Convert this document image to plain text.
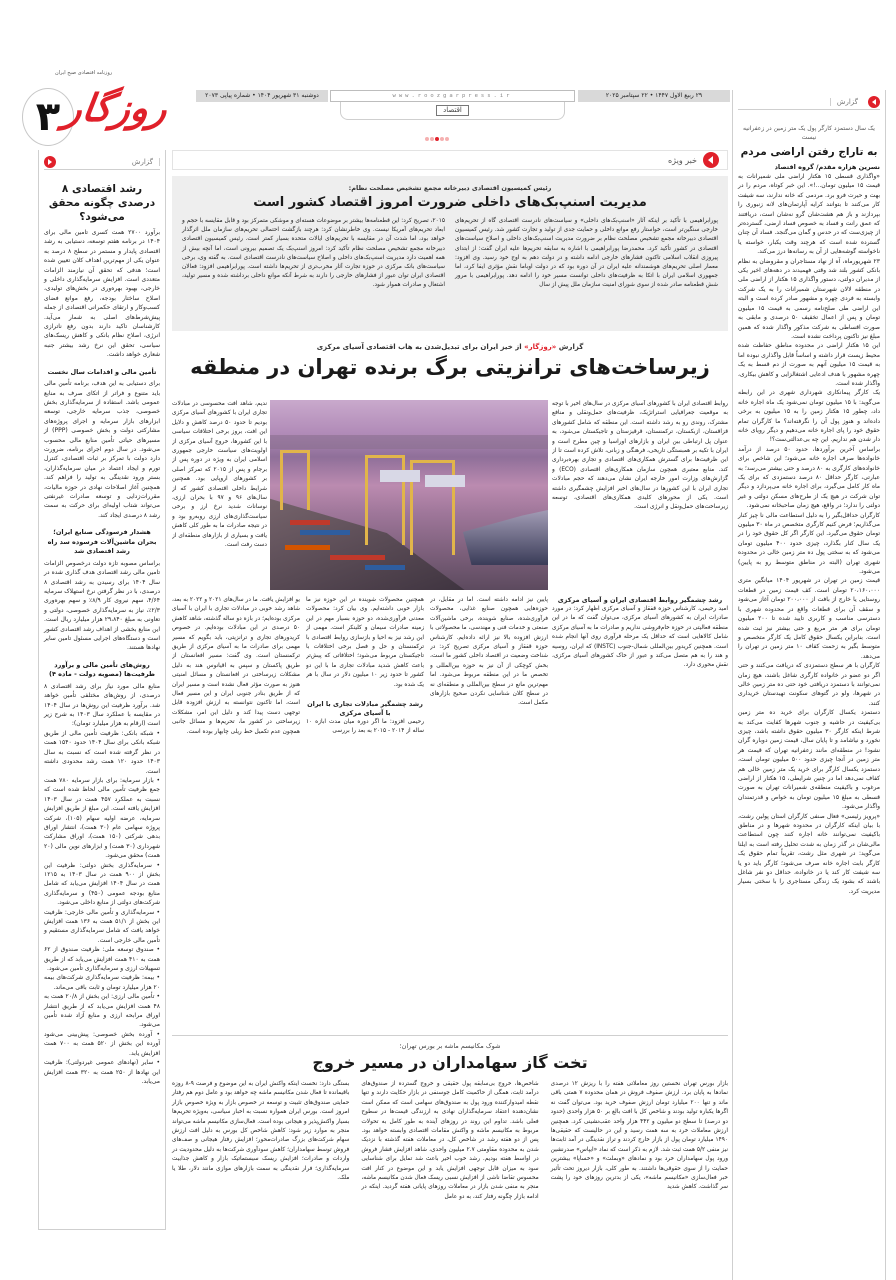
روزنامه اقتصادی صبح ایران
۳ روزگار	دوشنبه ۳۱ شهریور ۱۴۰۴ • شماره پیاپی ۲۰۷۳	www.roozgarpress.ir
اقتصاد
۲۹ ربیع الاول ۱۴۴۷ • ۲۲ سپتامبر ۲۰۲۵
گزارش
یک سال دستمزد کارگر پول یک متر زمین در زعفرانیه نیست
به تاراج رفتن اراضی مردم
نسرین هزاره مقدم/ گروه اقتصاد

«واگذاری قسطی ۱۵ هکتار اراضی ملی شمیرانات به قیمت ۱۵ میلیون تومان...!». این خبر کوتاه، مردم را در بهت و حیرت فرو برد. مردمی که خانه ندارند، سه شیفت کار می‌کنند تا بتوانند کرایه آپارتمان‌های لانه زنبوری را بپردازند و باز هم هشت‌شان گرو نه‌شان است، دریافتند که عمق رانت و فساد به خصوص فساد ارضی، گسترده‌تر از چیزی‌ست که در حدس و گمان می‌گنجد. فساد آن چنان گسترده شده است که هرچند وقت یکبار، خواسته یا ناخواسته گوشه‌هایی از آن به رسانه‌ها درز می‌کند.

۲۳ شهریورماه، آه از نهاد مستاجران و مقروضان به نظام بانکی کشور بلند شد وقتی فهمیدند در دهه‌های اخیر یکی از مدیران دولتی، دستور واگذاری ۱۵ هکتار از اراضی ملی در منطقه لالان شهرستان شمیرانات را به یک شرکت وابسته به فردی چهره و مشهور صادر کرده است و البته این اراضی طی صلح‌نامه رسمی به قیمت ۱۵ میلیون تومان و پس از اعمال تخفیف ۵۰ درصدی و مابقی به صورت اقساطی به شرکت مذکور واگذار شده که همین مبلغ نیز تاکنون پرداخت نشده است.

این ۱۵ هکتار اراضی در محدوده مناطق حفاظت شده محیط زیست قرار داشته و اساساً قابل واگذاری نبوده اما به قیمت ۱۵ میلیون آنهم به صورت از دم قسط به یک چهره مشهور با هدف ادعایی اشتغالزایی و کاهش بیکاری، واگذار شده است.

یک کارگر پیمانکاری شهرداری شهری در این رابطه می‌گوید: با ۱۵ میلیون تومان نمی‌شود یک ماه اجاره خانه داد، چطور ۱۵ هکتار زمین را به ۱۵ میلیون به برخی داده‌اند و هنوز پول آن را نگرفته‌اند؟ ما کارگران تمام حقوق خود را پای اجاره خانه می‌دهیم و دیگر رویای خانه دار شدن هم نداریم. این چه بی‌عدالتی‌ست؟!

براساس آخرین برآوردها، حدود ۵۰ درصد از درآمد خانواده‌ها صرف اجاره خانه می‌شود؛ این شاخص برای خانواده‌های کارگری به ۸۰ درصد و حتی بیشتر می‌رسد؛ به عبارتی، کارگر حداقل ۸۰ درصد دستمزدی که برای یک ماه کار کامل می‌گیرد، برای اجاره خانه می‌پردازد و دیگر توان شرکت در هیچ یک از طرح‌های مسکن دولتی و غیر دولتی را ندارد؛ در واقع، هیچ زمان صاحبخانه نمی‌شود.

کارگران حداقل‌بگیر را به دلیل استطاعت مالی نا چیز کنار می‌گذاریم؛ فرض کنیم کارگری متخصص در ماه ۳۰ میلیون تومان حقوق می‌گیرد. این کارگر اگر کل حقوق خود را در یک سال کنار بگذارد، چیزی حدود ۴۰۰ میلیون تومان می‌شود که به سختی پول ده متر زمین خالی در محدوده شهری تهران (البته در مناطق متوسط رو به پایین) می‌شود.

قیمت زمین در تهران در شهریور ۱۴۰۴ میانگین متری ۲۰،۱۶۰،۰۰۰ تومان است. کف قیمت زمین در قطعات روستایی یا خارج از بافت از ۲۰۰،۰۰۰ تومان آغاز می‌شود و سقف آن برای قطعات واقع در محدوده شهری با دسترسی مناسب و کاربری تایید شده تا ۲۰۰ میلیون تومان برای هر متر مربع و حتی بیشتر نیز ثبت شده است. بنابراین یکسال حقوق کامل یک کارگر متخصص و متوسط بگیر به زحمت کفاف ۱۰ متر زمین در تهران را می‌دهد.

کارگران با هر سطح دستمزدی که دریافت می‌کنند و حتی اگر دو عضو در خانواده کارگری شاغل باشند، هیچ زمان نمی‌توانند با دستمزد دریافتی خود حتی ده متر زمین خالی در شهرها، ولو در گتوهای سکونت تهیدستان خریداری کنند.

دستمزد یکسال کارگران برای خرید ده متر زمین بی‌کیفیت در حاشیه و جنوب شهرها کفایت می‌کند به شرط اینکه کارگر ۳۰ میلیون حقوق داشته باشد، چیزی نخورد و نیاشامد و تا پایان سال، قیمت زمین دوباره گران نشود! در منطقه‌ای مانند زعفرانیه تهران که قیمت هر متر زمین در آنجا چیزی حدود ۵۰۰ میلیون تومان است، دستمزد یکسال کارگر برای خرید یک متر زمین خالی هم کفاف نمی‌دهد اما در چنین شرایطی، ۱۵ هکتار از اراضی مرغوب و باکیفیت منطقه‌ی شمیرانات تهران به صورت قسطی به مبلغ ۱۵ میلیون تومان به خواص و قدرتمندان واگذار می‌شود.

«پرویز رئیسی» فعال صنفی کارگران استان پولین رشت، با بیان اینکه کارگران در محدوده شهرها و در مناطق باکیفیت نمی‌توانند خانه اجاره کنند چون استطاعت مالی‌شان در گذر زمان به شدت تحلیل رفته است به ایلنا می‌گوید: در شهری مثل رشت، تقریباً تمام حقوق یک کارگر بابت اجاره خانه صرف می‌شود؛ کارگر باید دو یا سه شیفت کار کند یا در خانواده، حداقل دو نفر شاغل باشند که بشود یک زندگی مستاجری را با سختی بسیار مدیریت کرد.

گزارش
رشد اقتصادی ۸ درصدی چگونه محقق می‌شود؟
برآورد ۲۷۰۰ همت کسری تامین مالی برای ۱۴۰۴ در برنامه هفتم توسعه، دستیابی به رشد اقتصادی پایدار و مستمر در سطح ۸ درصد به عنوان یکی از مهم‌ترین اهداف کلان تعیین شده است؛ هدفی که تحقق آن نیازمند الزامات متعددی است. افزایش سرمایه‌گذاری داخلی و خارجی، بهبود بهره‌وری در بخش‌های تولیدی، اصلاح ساختار بودجه، رفع موانع فضای کسب‌وکار و ارتقای حکمرانی اقتصادی از جمله پیش‌شرط‌های اصلی به شمار می‌آید. کارشناسان تاکید دارند بدون رفع ناترازی انرژی، اصلاح نظام بانکی و کاهش ریسک‌های سیاسی، تحقق این نرخ رشد بیشتر جنبه شعاری خواهد داشت.
تأمین مالی و اقدامات سال نخست
برای دستیابی به این هدف، برنامه تأمین مالی باید متنوع و فراتر از اتکای صرف به منابع عمومی باشد. استفاده از سرمایه‌گذاری بخش خصوصی، جذب سرمایه خارجی، توسعه ابزارهای بازار سرمایه و اجرای پروژه‌های مشارکتی دولت و بخش خصوصی (PPP) از مسیرهای حیاتی تأمین منابع مالی محسوب می‌شود. در سال دوم اجرای برنامه، ضرورت دارد دولت با تمرکز بر ثبات اقتصادی، کنترل تورم و ایجاد اعتماد در میان سرمایه‌گذاران، بستر ورود نقدینگی به تولید را فراهم کند. همچنین آغاز اصلاحات نهادی در حوزه مالیات، مقررات‌زدایی و توسعه صادرات غیرنفتی می‌تواند شتاب اولیه‌ای برای حرکت به سمت رشد ۸ درصدی ایجاد کند.
هشدار فرسودگی صنایع ایران؛ بحران ماشین‌آلات فرسوده سد راه رشد اقتصادی شد
براساس مصوبه تازه دولت درخصوص الزامات تامین مالی رشد اقتصادی هدف گذاری شده در سال ۱۴۰۴ برای رسیدن به رشد اقتصادی ۸ درصدی، با در نظر گرفتن نرخ استهلاک سرمایه ۴/۶۴، سهم نیروی کار ۸/۹٪ و سهم بهره‌وری ۲/۳٪، نیاز به سرمایه‌گذاری خصوصی، دولتی و تعاونی به مبلغ ۲۹،۸۴۰ هزار میلیارد ریال است. این منابع بخشی از اهداف رشد اقتصادی کشور است و دستگاه‌های اجرایی مسئول تامین سایر نهادها هستند.
روش‌های تأمین مالی و برآورد ظرفیت‌ها (مصوبه دولت - ماده ۴)
منابع مالی مورد نیاز برای رشد اقتصادی ۸ درصدی، از روش‌های مختلفی تأمین خواهد شد. برآورد ظرفیت این روش‌ها در سال ۱۴۰۴ در مقایسه با عملکرد سال ۱۴۰۳ به شرح زیر است (ارقام به هزار میلیارد تومان):

• شبکه بانکی: ظرفیت تأمین مالی از طریق شبکه بانکی برای سال ۱۴۰۴ حدود ۱۵۴۰ همت در نظر گرفته شده است که نسبت به سال ۱۴۰۳ حدود ۱۲۰ همت رشد محدودی داشته است.

• بازار سرمایه: برای بازار سرمایه ۷۸۰ همت جمع ظرفیت تأمین مالی لحاظ شده است که نسبت به عملکرد ۴۵۷ همت در سال ۱۴۰۳ افزایش یافته است. این مبلغ از طریق افزایش سرمایه، عرضه اولیه سهام (۱۰۵)، شرکت پروژه سهامی عام (۳۰ همت)، انتشار اوراق بدهی شرکتی (۱۵۰ همت)، اوراق مشارکت شهرداری (۳۰ همت) و ابزارهای نوین مالی (۲۰ همت) محقق می‌شود.

• سرمایه‌گذاری بخش دولتی: ظرفیت این بخش از ۹۰۰ همت در سال ۱۴۰۳ به ۱۲۱۵ همت در سال ۱۴۰۴ افزایش می‌یابد که شامل منابع بودجه عمومی (۴۵۰) و سرمایه‌گذاری شرکت‌های دولتی از منابع داخلی می‌شود.

• سرمایه‌گذاری و تأمین مالی خارجی: ظرفیت این بخش از ۵۱/۱ همت به ۱۳۶ همت افزایش خواهد یافت که شامل سرمایه‌گذاری مستقیم و تأمین مالی خارجی است.

• صندوق توسعه ملی: ظرفیت صندوق از ۶۲ همت به ۴۱۰ همت افزایش می‌یابد که از طریق تسهیلات ارزی و سرمایه‌گذاری تأمین می‌شود.

• بیمه: ظرفیت سرمایه‌گذاری شرکت‌های بیمه ۲۰ هزار میلیارد تومان و ثابت باقی می‌ماند.

• تأمین مالی ارزی: این بخش از ۲۰/۸ همت به ۴۸ همت افزایش می‌یابد که از طریق انتشار اوراق مرابحه ارزی و منابع آزاد شده تأمین می‌شود.

• آورده بخش خصوصی: پیش‌بینی می‌شود آورده این بخش از ۵۲۰ همت به ۷۰۰ همت افزایش یابد.

• سایر (نهادهای عمومی غیردولتی): ظرفیت این نهادها از ۲۵۰ همت به ۳۲۰ همت افزایش می‌یابد.

خبر ویژه
رئیس کمیسیون اقتصادی دبیرخانه مجمع تشخیص مصلحت نظام:
مدیریت اسنپ‌بک‌های داخلی ضرورت امروز اقتصاد کشور است
پورابراهیمی با تأکید بر اینکه آثار «اسنپ‌بک‌های داخلی» و سیاست‌های نادرست اقتصادی گاه از تحریم‌های خارجی سنگین‌تر است، خواستار رفع موانع داخلی و حمایت جدی از تولید و تجارت کشور شد. رئیس کمیسیون اقتصادی دبیرخانه مجمع تشخیص مصلحت نظام بر ضرورت مدیریت اسنپ‌بک‌های داخلی و اصلاح سیاست‌های اقتصادی در کشور تأکید کرد. محمدرضا پورابراهیمی با اشاره به سابقه تحریم‌ها علیه ایران گفت: از ابتدای پیروزی انقلاب اسلامی تاکنون فشارهای خارجی ادامه داشته و در دولت دهم به اوج خود رسید. وی افزود: معمار اصلی تحریم‌های هوشمندانه علیه ایران در آن دوره بود که در دولت اوباما نقش مؤثری ایفا کرد، اما جمهوری اسلامی ایران با اتکا به ظرفیت‌های داخلی توانست مسیر خود را ادامه دهد. پورابراهیمی با مرور شش قطعنامه صادر شده از سوی شورای امنیت سازمان ملل پیش از سال
۲۰۱۵، تصریح کرد: این قطعنامه‌ها بیشتر بر موضوعات هسته‌ای و موشکی متمرکز بود و قابل مقایسه با حجم و ابعاد تحریم‌های آمریکا نیست. وی خاطرنشان کرد: هرچند بازگشت احتمالی تحریم‌های سازمان ملل اثرگذار خواهد بود، اما شدت آن در مقایسه با تحریم‌های ایالات متحده بسیار کمتر است. رئیس کمیسیون اقتصادی دبیرخانه مجمع تشخیص مصلحت نظام تأکید کرد: امروز اسنپ‌بک یک تصمیم بیرونی است، اما آنچه بیش از همه اهمیت دارد مدیریت اسنپ‌بک‌های داخلی و اصلاح سیاست‌های نادرست اقتصادی است. به گفته وی، برخی سیاست‌های بانک مرکزی در حوزه تجارت آثار مخرب‌تری از تحریم‌ها داشته است. پورابراهیمی افزود: فعالان اقتصادی ایران توان عبور از فشارهای خارجی را دارند به شرط آنکه موانع داخلی برداشته شده و مسیر تولید، اشتغال و صادرات هموار شود.
گزارش «روزگار» از خیز ایران برای تبدیل‌شدن به هاب اقتصادی آسیای مرکزی
زیرساخت‌های ترانزیتی برگ برنده تهران در منطقه
روابط اقتصادی ایران با کشورهای آسیای مرکزی در سال‌های اخیر با توجه به موقعیت جغرافیایی استراتژیک، ظرفیت‌های حمل‌ونقلی و منافع مشترک، روندی رو به رشد داشته است. این منطقه که شامل کشورهای قزاقستان، ازبکستان، ترکمنستان، قرقیزستان و تاجیکستان می‌شود، به عنوان پل ارتباطی بین ایران و بازارهای اوراسیا و چین مطرح است و ایران با تکیه بر همبستگی تاریخی، فرهنگی و زبانی، تلاش کرده است تا از این ظرفیت‌ها برای گسترش همکاری‌های اقتصادی و تجاری بهره‌برداری کند. منابع معتبری همچون سازمان همکاری‌های اقتصادی (ECO) و گزارش‌های وزارت امور خارجه ایران نشان می‌دهند که حجم مبادلات تجاری ایران با این کشورها در سال‌های اخیر افزایش چشمگیری داشته است. یکی از محورهای کلیدی همکاری‌های اقتصادی، توسعه زیرساخت‌های حمل‌ونقل و انرژی است.
ندیم، شاهد افت محسوسی در مبادلات تجاری ایران با کشورهای آسیای مرکزی بودیم تا حدود ۵۰ درصد کاهش و دلایل این افت، بروز برخی اختلافات سیاسی با این کشورها، خروج آسیای مرکزی از اولویت‌های سیاست خارجی جمهوری اسلامی ایران به ویژه در دوره پس از برجام و پس از ۲۰۱۵ که تمرکز اصلی بر کشورهای اروپایی بود. همچنین شرایط داخلی اقتصادی کشور که از سال‌های ۹۶ و ۹۷ با بحران ارزی، نوسانات شدید نرخ ارز و برخی سیاست‌گذاری‌های ارزی روبه‌رو بود و در نتیجه صادرات ما به طور کلی کاهش یافت و بسیاری از بازارهای منطقه‌ای از دست رفت است.
رشد چشمگیر روابط اقتصادی ایران و آسیای مرکزی
امید رحیمی، کارشناس حوزه قفقاز و آسیای مرکزی اظهار کرد: در مورد صادرات ایران به کشورهای آسیای مرکزی، می‌توان گفت که ما در این منطقه فعالیتی در حوزه خام‌فروشی نداریم و صادرات ما به آسیای مرکزی شامل کالاهایی است که حداقل یک مرحله فرآوری روی آنها انجام شده است. همچنین کریدور بین‌المللی شمال-جنوب (INSTC) که ایران، روسیه و هند را به هم متصل می‌کند و عبور از خاک کشورهای آسیای مرکزی، نقش محوری دارد.
پایین نیز ادامه داشته است. اما در مقابل، در حوزه‌هایی همچون صنایع غذایی، محصولات فرآوری‌شده، صنایع شوینده، برخی ماشین‌آلات صنعتی و خدمات فنی و مهندسی، ما محصولاتی با ارزش افزوده بالا نیز ارائه داده‌ایم. کارشناس حوزه قفقاز و آسیای مرکزی تصریح کرد: در شناخت وضعیت در اقتصاد داخلی کشور ما است، بخش کوچکی از آن نیز به حوزه بین‌المللی و تخصص ما در این منطقه مربوط می‌شود. اما مهم‌ترین مانع در سطح بین‌المللی و منطقه‌ای نه در سطح کلان شناسایی نکردن صحیح بازارهای مکمل است.
همچنین محصولات شوینده در این حوزه نیز ما بازار خوبی داشته‌ایم. وی بیان کرد: محصولات معدنی فرآوری‌شده، دو حوزه بسیار مهم در این زمینه صادرات سیمان و کلینکر است. مهمی از این رشد نیز به احیا و بازسازی روابط اقتصادی با ترکمنستان و حل و فصل برخی اختلافات با تاجیکستان مربوط می‌شود؛ اختلافاتی که پیش‌تر باعث کاهش شدید مبادلات تجاری ما با این دو کشور تا حدود زیر ۱۰ میلیون دلار در سال با هر یک شده بود.
رشد چشمگیر مبادلات تجاری با ایران با آسیای مرکزی
رحیمی افزود: ما اگر دوره میان مدت ابازه ۱۰ ساله از ۲۰۱۴ - ۲۰۱۵ به بعد را بررسی
یو افزایش یافت. ما در سال‌های ۲۰۲۱ و ۲۰۲۲ به بعد، شاهد رشد خوبی در مبادلات تجاری با ایران با آسیای مرکزی بوده‌ایم؛ در بازه دو ساله گذشته، شاهد کاهش ۵۰ درصدی در این مبادلات بوده‌ایم. در خصوص کریدورهای تجاری و ترانزیتی، باید بگویم که مسیر مهمی برای صادرات ما به آسیای مرکزی از طریق ترکمنستان است. وی گفت: مسیر افغانستان از طریق پاکستان و سپس به اقیانوس هند به دلیل مشکلات زیرساختی در افغانستان و مسائل امنیتی هنوز به صورت مؤثر فعال نشده است و مسیر ایران که از طریق بنادر جنوبی ایران و این مسیر فعال است، اما تاکنون نتوانسته به ارزش افزوده قابل توجهی دست پیدا کند و دلیل این امر، مشکلات زیرساختی در کشور ما، تحریم‌ها و مسائل جانبی همچون عدم تکمیل خط ریلی چابهار بوده است.
شوک مکانیسم ماشه بر بورس تهران؛
تخت گاز سهامداران در مسیر خروج
بازار بورس تهران نخستین روز معاملاتی هفته را با ریزش ۱۲ درصدی نمادها به پایان برد. ارزش صفوف فروش در همان محدوده ۷ همتی باقی ماند و تنها ۲۰۰ میلیارد تومان ارزش صفوف خرید بود. می‌توان گفت نه اگرها یکباره تولید بودند و شاخص کل با افت بالغ بر ۵۰ هزار واحدی (حدود دو درصد) تا سطح دو میلیون و ۴۴۲ هزار واحد عقب‌نشینی کرد. همچنین ارزش معاملات خرد به سه همت رسید و این در حالیست که حقیقی‌ها ۱۴۹۰ میلیارد تومان پول از بازار خارج کردند و تراز نقدینگی در آمد ثابت‌ها نیز منفی ۵/۲ همت ثبت شد. لازم به ذکر است که نماد «ایپاس» صدرنشین ورود پول سهامداران خرد بود و نمادهای «وبملت» و «خساپا» بیشترین حمایت را از سوی حقوقی‌ها داشتند. به طور کلی، بازار دیروز تحت تأثیر خبر فعال‌سازی «مکانیسم ماشه»، یکی از بدترین روزهای خود را پشت سر گذاشت. کاهش شدید
شاخص‌ها، خروج بی‌سابقه پول حقیقی و خروج گسترده از صندوق‌های درآمد ثابت، همگی از حاکمیت کامل جوسنفی در بازار حکایت دارند و تنها نقطه امیدوارکننده ورود پول به صندوق‌های سهامی است که ممکن است نشان‌دهنده اعتقاد سرمایه‌گذاران نهادی به ارزندگی قیمت‌ها در سطوح فعلی باشد. تداوم این روند در روزهای آینده به طور کامل به تحولات مربوط به مکانیسم ماشه و واکنش مقامات اقتصادی وابسته خواهد بود. پس از دو هفته رشد در شاخص کل، در معاملات هفته گذشته با نزدیک شدن به محدوده مقاومتی ۲.۷ میلیون واحدی، شاهد افزایش فشار فروش در اواسط هفته بودیم. رشد خوب اخیر باعث شد تمایل برای شناسایی سود به میزان قابل توجهی افزایش یابد و این موضوع در کنار افت محسوس تقاضا ناشی از افزایش نسبی ریسک فعال شدن مکانیسم ماشه، منجر به منفی شدن بازار در معاملات روزهای پایانی هفته گردید. اینکه در ادامه بازار چگونه رفتار کند، به دو عامل
بستگی دارد: نخست اینکه واکنش ایران به این موضوع و فرصت ۹-۸ روزه باقیمانده تا فعال شدن مکانیسم ماشه چه خواهد بود و عامل دوم هم رفتار حمایتی صندوق‌های تثبیت و توسعه در خصوص بازار به ویژه خصوص بازار امروز است. بورس ایران همواره نسبت به اخبار سیاسی، به‌ویژه تحریم‌ها بسیار واکنش‌پذیر و هیجانی بوده است. فعال‌سازی مکانیسم ماشه می‌تواند منجر به موارد زیر شود: کاهش شاخص کل بورس به دلیل افت ارزش سهام شرکت‌های بزرگ صادرات‌محور؛ افزایش رفتار هیجانی و صف‌های فروش توسط سهامداران؛ کاهش سودآوری شرکت‌ها به دلیل محدودیت در واردات و صادرات؛ افزایش ریسک سیستماتیک بازار و کاهش جذابیت سرمایه‌گذاری؛ فرار نقدینگی به سمت بازارهای موازی مانند دلار، طلا یا ملک.
